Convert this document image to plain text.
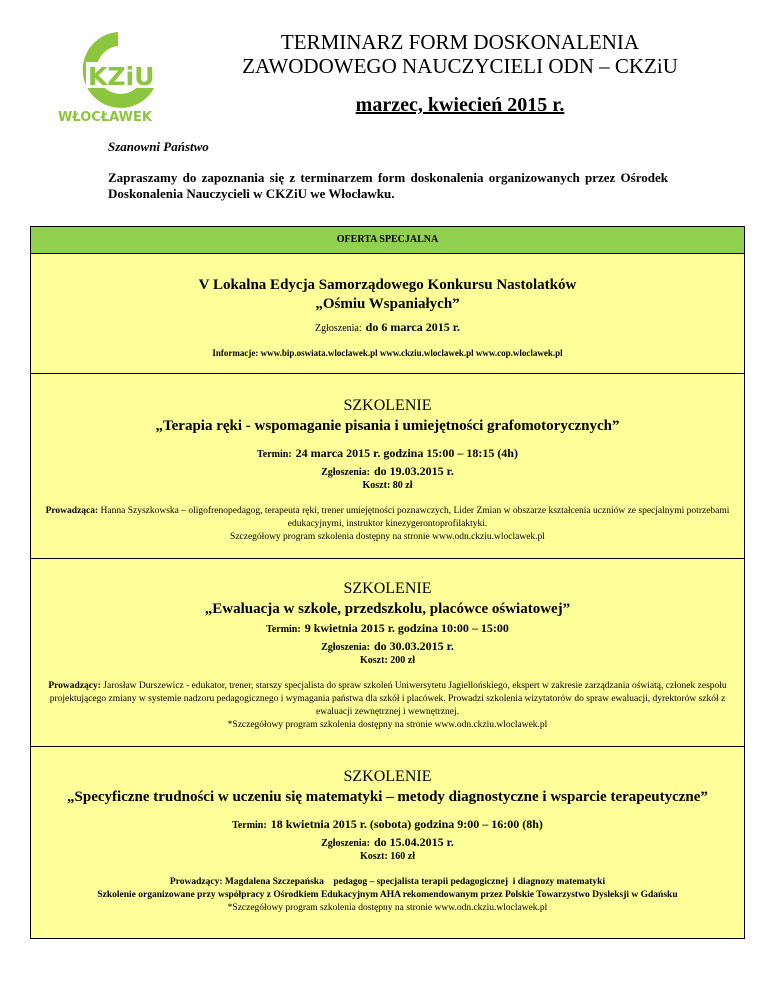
KZiU
WŁOCŁAWEK
TERMINARZ FORM DOSKONALENIA
ZAWODOWEGO NAUCZYCIELI ODN – CKZiU
marzec, kwiecień 2015 r.
Szanowni Państwo
Zapraszamy do zapoznania się z terminarzem form doskonalenia organizowanych przez Ośrodek Doskonalenia Nauczycieli w CKZiU we Włocławku.
OFERTA SPECJALNA
V Lokalna Edycja Samorządowego Konkursu Nastolatków
„Ośmiu Wspaniałych”
Zgłoszenia: do 6 marca 2015 r.
Informacje: www.bip.oswiata.wloclawek.pl www.ckziu.wloclawek.pl www.cop.wloclawek.pl
SZKOLENIE
„Terapia ręki - wspomaganie pisania i umiejętności grafomotorycznych”
Termin: 24 marca 2015 r. godzina 15:00 – 18:15 (4h)
Zgłoszenia: do 19.03.2015 r.
Koszt: 80 zł
Prowadząca: Hanna Szyszkowska – oligofrenopedagog, terapeuta ręki, trener umiejętności poznawczych, Lider Zmian w obszarze kształcenia uczniów ze specjalnymi potrzebami edukacyjnymi, instruktor kinezygerontoprofilaktyki.
Szczegółowy program szkolenia dostępny na stronie www.odn.ckziu.wloclawek.pl
SZKOLENIE
„Ewaluacja w szkole, przedszkolu, placówce oświatowej”
Termin: 9 kwietnia 2015 r. godzina 10:00 – 15:00
Zgłoszenia: do 30.03.2015 r.
Koszt: 200 zł
Prowadzący: Jarosław Durszewicz - edukator, trener, starszy specjalista do spraw szkoleń Uniwersytetu Jagiellońskiego, ekspert w zakresie zarządzania oświatą, członek zespołu projektującego zmiany w systemie nadzoru pedagogicznego i wymagania państwa dla szkół i placówek. Prowadzi szkolenia wizytatorów do spraw ewaluacji, dyrektorów szkół z ewaluacji zewnętrznej i wewnętrznej.
*Szczegółowy program szkolenia dostępny na stronie www.odn.ckziu.wloclawek.pl
SZKOLENIE
„Specyficzne trudności w uczeniu się matematyki – metody diagnostyczne i wsparcie terapeutyczne”
Termin: 18 kwietnia 2015 r. (sobota) godzina 9:00 – 16:00 (8h)
Zgłoszenia: do 15.04.2015 r.
Koszt: 160 zł
Prowadzący: Magdalena Szczepańska    pedagog – specjalista terapii pedagogicznej  i diagnozy matematyki
Szkolenie organizowane przy współpracy z Ośrodkiem Edukacyjnym AHA rekomendowanym przez Polskie Towarzystwo Dysleksji w Gdańsku
*Szczegółowy program szkolenia dostępny na stronie www.odn.ckziu.wloclawek.pl
